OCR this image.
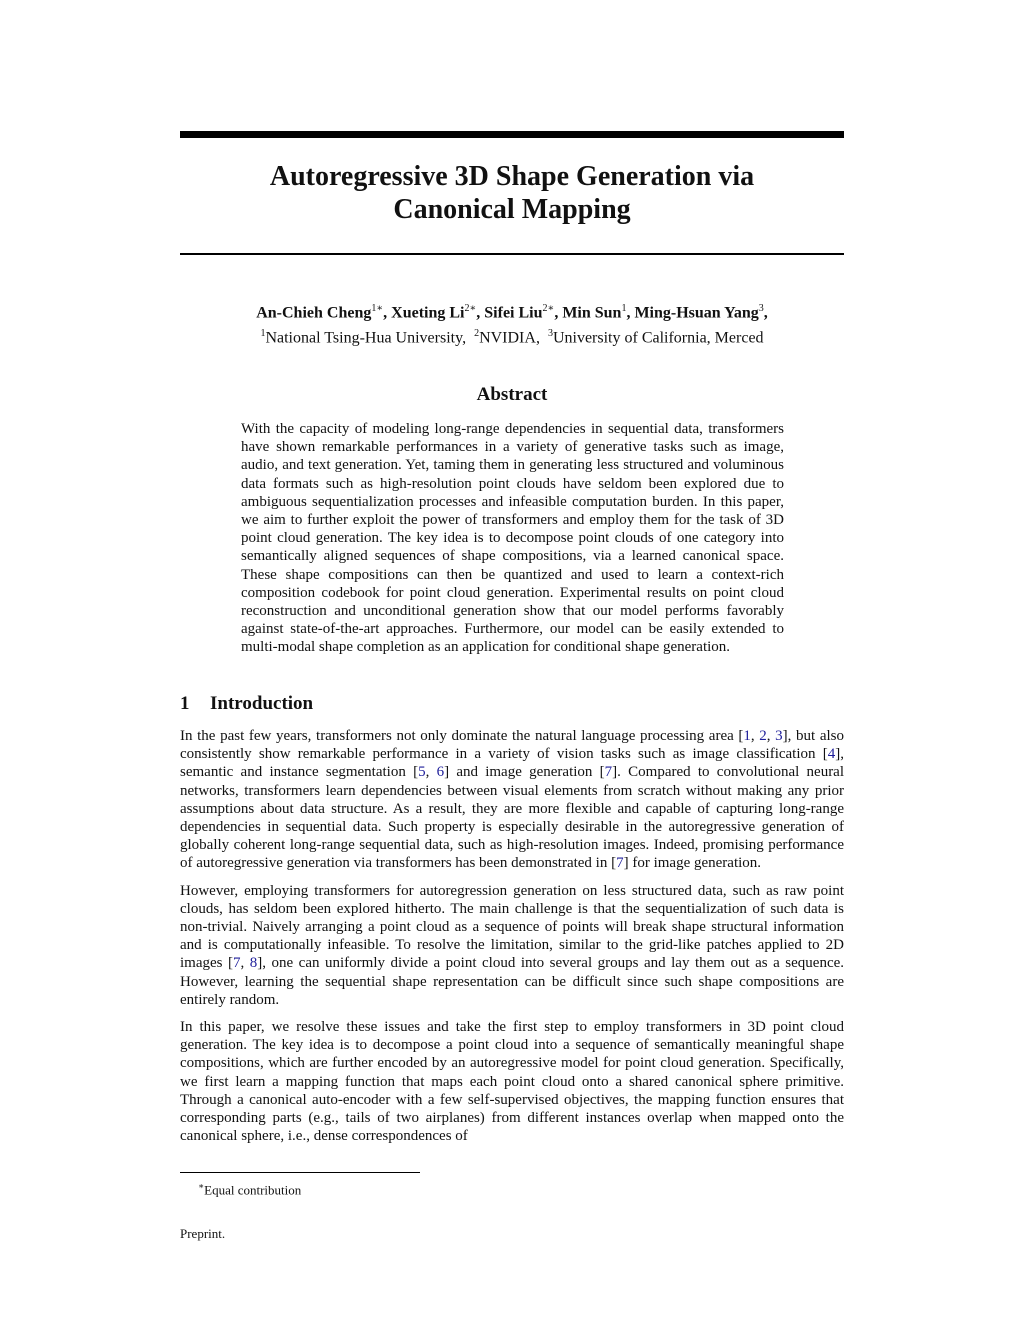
Autoregressive 3D Shape Generation via
Canonical Mapping
An-Chieh Cheng$^{1∗}$, Xueting $Li^{2∗}$, Sifei Liu$^{2∗}$, Min Sun$^1$, Ming-Hsuan Yang$^3$,
$^1$National Tsing-Hua University, $^2$NVIDIA, $^3$University of California, Merced
Abstract
With the capacity of modeling long-range dependencies in sequential data, transformers have shown remarkable performances in a variety of generative tasks such as image, audio, and text generation. Yet, taming them in generating less structured and voluminous data formats such as high-resolution point clouds have seldom been explored due to ambiguous sequentialization processes and infeasible computation burden. In this paper, we aim to further exploit the power of transformers and employ them for the task of 3D point cloud generation. The key idea is to decompose point clouds of one category into semantically aligned sequences of shape compositions, via a learned canonical space. These shape compositions can then be quantized and used to learn a context-rich composition codebook for point cloud generation. Experimental results on point cloud reconstruction and unconditional generation show that our model performs favorably against state-of-the-art approaches. Furthermore, our model can be easily extended to multi-modal shape completion as an application for conditional shape generation.
1 Introduction

In the past few years, transformers not only dominate the natural language processing area [1, 2, 3], but also consistently show remarkable performance in a variety of vision tasks such as image classification [4], semantic and instance segmentation [5, 6] and image generation [7]. Compared to convolutional neural networks, transformers learn dependencies between visual elements from scratch without making any prior assumptions about data structure. As a result, they are more flexible and capable of capturing long-range dependencies in sequential data. Such property is especially desirable in the autoregressive generation of globally coherent long-range sequential data, such as high-resolution images. Indeed, promising performance of autoregressive generation via transformers has been demonstrated in [7] for image generation.

However, employing transformers for autoregression generation on less structured data, such as raw point clouds, has seldom been explored hitherto. The main challenge is that the sequentialization of such data is non-trivial. Naively arranging a point cloud as a sequence of points will break shape structural information and is computationally infeasible. To resolve the limitation, similar to the grid-like patches applied to 2D images [7, 8], one can uniformly divide a point cloud into several groups and lay them out as a sequence. However, learning the sequential shape representation can be difficult since such shape compositions are entirely random.

In this paper, we resolve these issues and take the first step to employ transformers in 3D point cloud generation. The key idea is to decompose a point cloud into a sequence of semantically meaningful shape compositions, which are further encoded by an autoregressive model for point cloud generation. Specifically, we first learn a mapping function that maps each point cloud onto a shared canonical sphere primitive. Through a canonical auto-encoder with a few self-supervised objectives, the mapping function ensures that corresponding parts (e.g., tails of two airplanes) from different instances overlap when mapped onto the canonical sphere, i.e., dense correspondences of

∗Equal contribution
Preprint.
